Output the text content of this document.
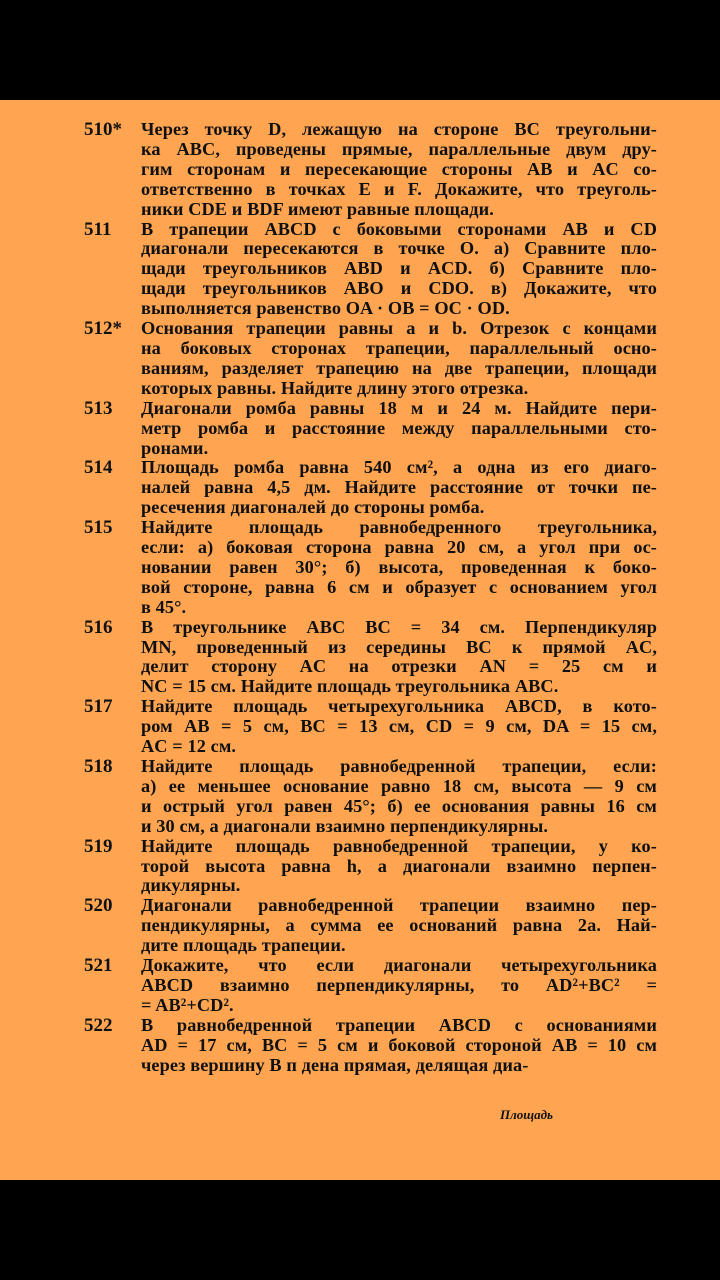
510*	Через точку D, лежащую на стороне BC треугольни-
ка ABC, проведены прямые, параллельные двум дру-
гим сторонам и пересекающие стороны AB и AC со-
ответственно в точках E и F. Докажите, что треуголь-
ники CDE и BDF имеют равные площади.
511	В трапеции ABCD с боковыми сторонами AB и CD
диагонали пересекаются в точке O. а) Сравните пло-
щади треугольников ABD и ACD. б) Сравните пло-
щади треугольников ABO и CDO. в) Докажите, что
выполняется равенство OA · OB = OC · OD.
512*	Основания трапеции равны a и b. Отрезок с концами
на боковых сторонах трапеции, параллельный осно-
ваниям, разделяет трапецию на две трапеции, площади
которых равны. Найдите длину этого отрезка.
513	Диагонали ромба равны 18 м и 24 м. Найдите пери-
метр ромба и расстояние между параллельными сто-
ронами.
514	Площадь ромба равна 540 см², а одна из его диаго-
налей равна 4,5 дм. Найдите расстояние от точки пе-
ресечения диагоналей до стороны ромба.
515	Найдите площадь равнобедренного треугольника,
если: а) боковая сторона равна 20 см, а угол при ос-
новании равен 30°; б) высота, проведенная к боко-
вой стороне, равна 6 см и образует с основанием угол
в 45°.
516	В треугольнике ABC BC = 34 см. Перпендикуляр
MN, проведенный из середины BC к прямой AC,
делит сторону AC на отрезки AN = 25 см и
NC = 15 см. Найдите площадь треугольника ABC.
517	Найдите площадь четырехугольника ABCD, в кото-
ром AB = 5 см, BC = 13 см, CD = 9 см, DA = 15 см,
AC = 12 см.
518	Найдите площадь равнобедренной трапеции, если:
а) ее меньшее основание равно 18 см, высота — 9 см
и острый угол равен 45°; б) ее основания равны 16 см
и 30 см, а диагонали взаимно перпендикулярны.
519	Найдите площадь равнобедренной трапеции, у ко-
торой высота равна h, а диагонали взаимно перпен-
дикулярны.
520	Диагонали равнобедренной трапеции взаимно пер-
пендикулярны, а сумма ее оснований равна 2a. Най-
дите площадь трапеции.
521	Докажите, что если диагонали четырехугольника
ABCD взаимно перпендикулярны, то AD²+BC² =
= AB²+CD².
522	В равнобедренной трапеции ABCD с основаниями
AD = 17 см, BC = 5 см и боковой стороной AB = 10 см
через вершину B п дена прямая, делящая диа-
Площадь
